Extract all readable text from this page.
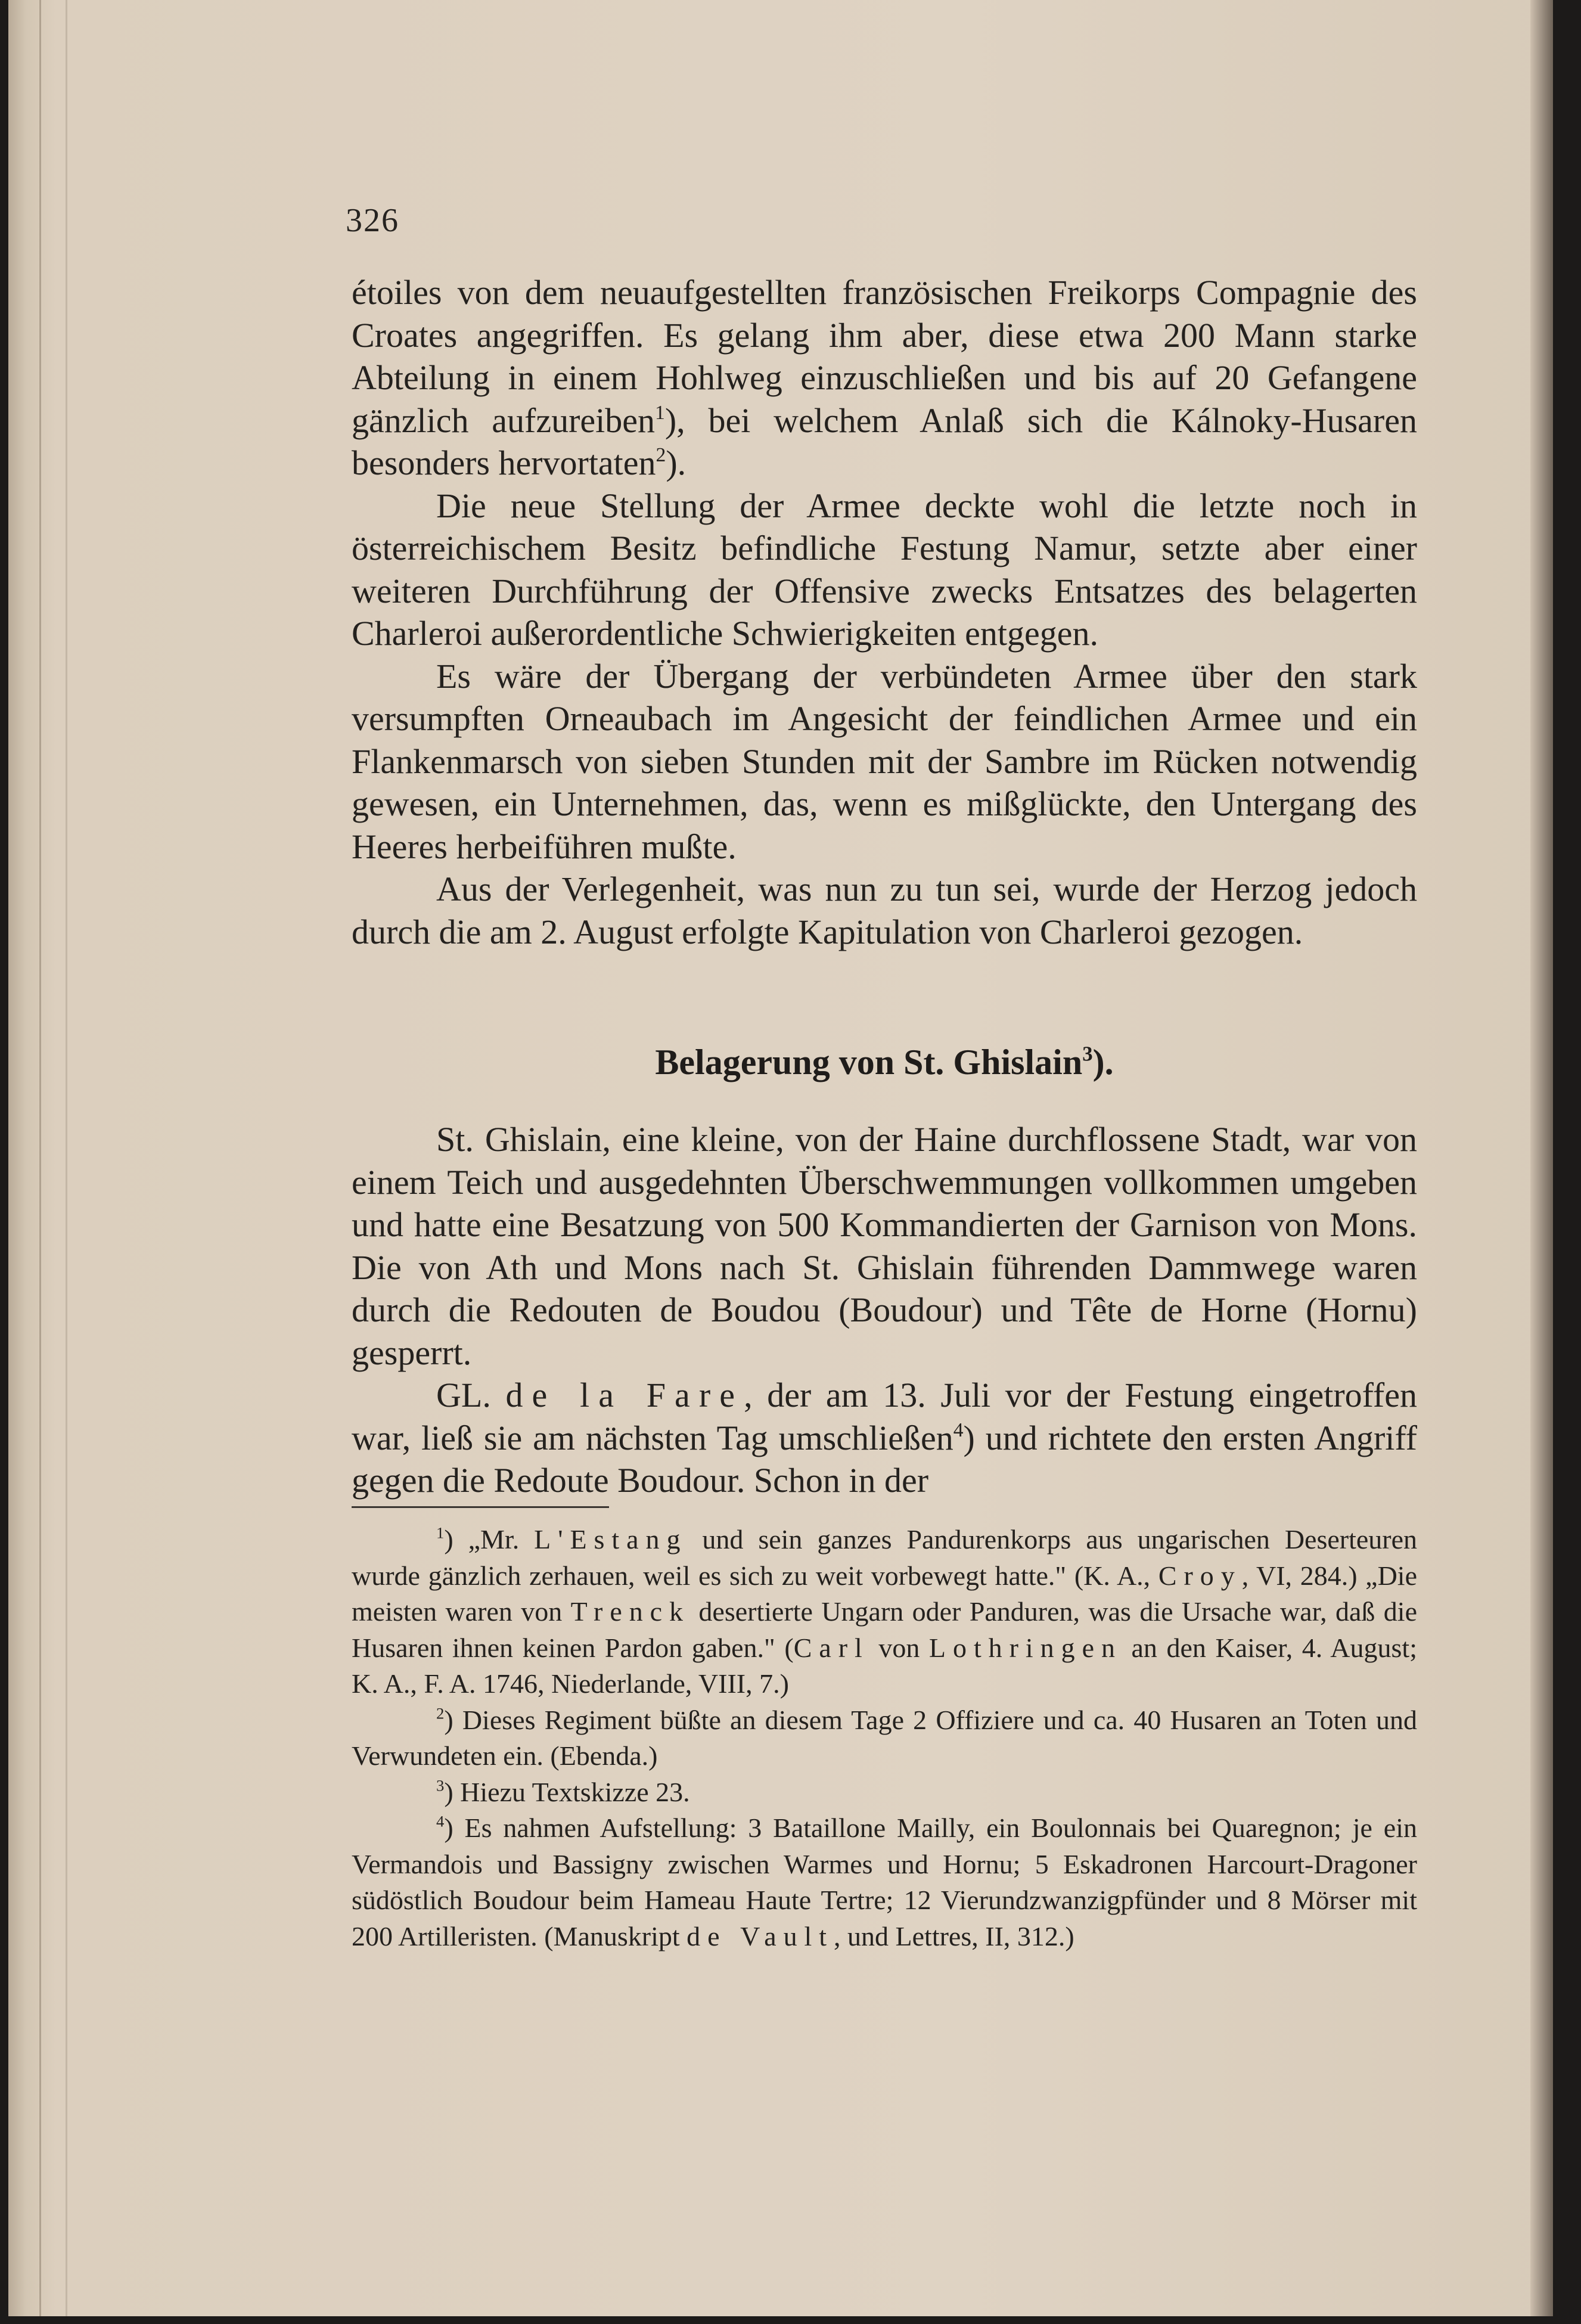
326

étoiles von dem neuaufgestellten französischen Freikorps Compagnie des Croates angegriffen. Es gelang ihm aber, diese etwa 200 Mann starke Abteilung in einem Hohlweg einzuschließen und bis auf 20 Gefangene gänzlich aufzureiben$^1$), bei welchem Anlaß sich die Kálnoky-Husaren besonders hervortaten$^2$).

Die neue Stellung der Armee deckte wohl die letzte noch in österreichischem Besitz befindliche Festung Namur, setzte aber einer weiteren Durchführung der Offensive zwecks Entsatzes des belagerten Charleroi außerordentliche Schwierigkeiten entgegen.

Es wäre der Übergang der verbündeten Armee über den stark versumpften Orneaubach im Angesicht der feindlichen Armee und ein Flankenmarsch von sieben Stunden mit der Sambre im Rücken notwendig gewesen, ein Unternehmen, das, wenn es mißglückte, den Untergang des Heeres herbeiführen mußte.

Aus der Verlegenheit, was nun zu tun sei, wurde der Herzog jedoch durch die am 2. August erfolgte Kapitulation von Charleroi gezogen.

Belagerung von St. Ghislain$^3$).

St. Ghislain, eine kleine, von der Haine durchflossene Stadt, war von einem Teich und ausgedehnten Überschwemmungen vollkommen umgeben und hatte eine Besatzung von 500 Kommandierten der Garnison von Mons. Die von Ath und Mons nach St. Ghislain führenden Dammwege waren durch die Redouten de Boudou (Boudour) und Tête de Horne (Hornu) gesperrt.

GL. de la Fare, der am 13. Juli vor der Festung eingetroffen war, ließ sie am nächsten Tag umschließen$^4$) und richtete den ersten Angriff gegen die Redoute Boudour. Schon in der

$^1$) „Mr. L'Estang und sein ganzes Pandurenkorps aus ungarischen Deserteuren wurde gänzlich zerhauen, weil es sich zu weit vorbewegt hatte." (K. A., Croy, VI, 284.) „Die meisten waren von Trenck desertierte Ungarn oder Panduren, was die Ursache war, daß die Husaren ihnen keinen Pardon gaben." (Carl von Lothringen an den Kaiser, 4. August; K. A., F. A. 1746, Niederlande, VIII, 7.)

$^2$) Dieses Regiment büßte an diesem Tage 2 Offiziere und ca. 40 Husaren an Toten und Verwundeten ein. (Ebenda.)

$^3$) Hiezu Textskizze 23.

$^4$) Es nahmen Aufstellung: 3 Bataillone Mailly, ein Boulonnais bei Quaregnon; je ein Vermandois und Bassigny zwischen Warmes und Hornu; 5 Eskadronen Harcourt-Dragoner südöstlich Boudour beim Hameau Haute Tertre; 12 Vierundzwanzigpfünder und 8 Mörser mit 200 Artilleristen. (Manuskript de Vault, und Lettres, II, 312.)
